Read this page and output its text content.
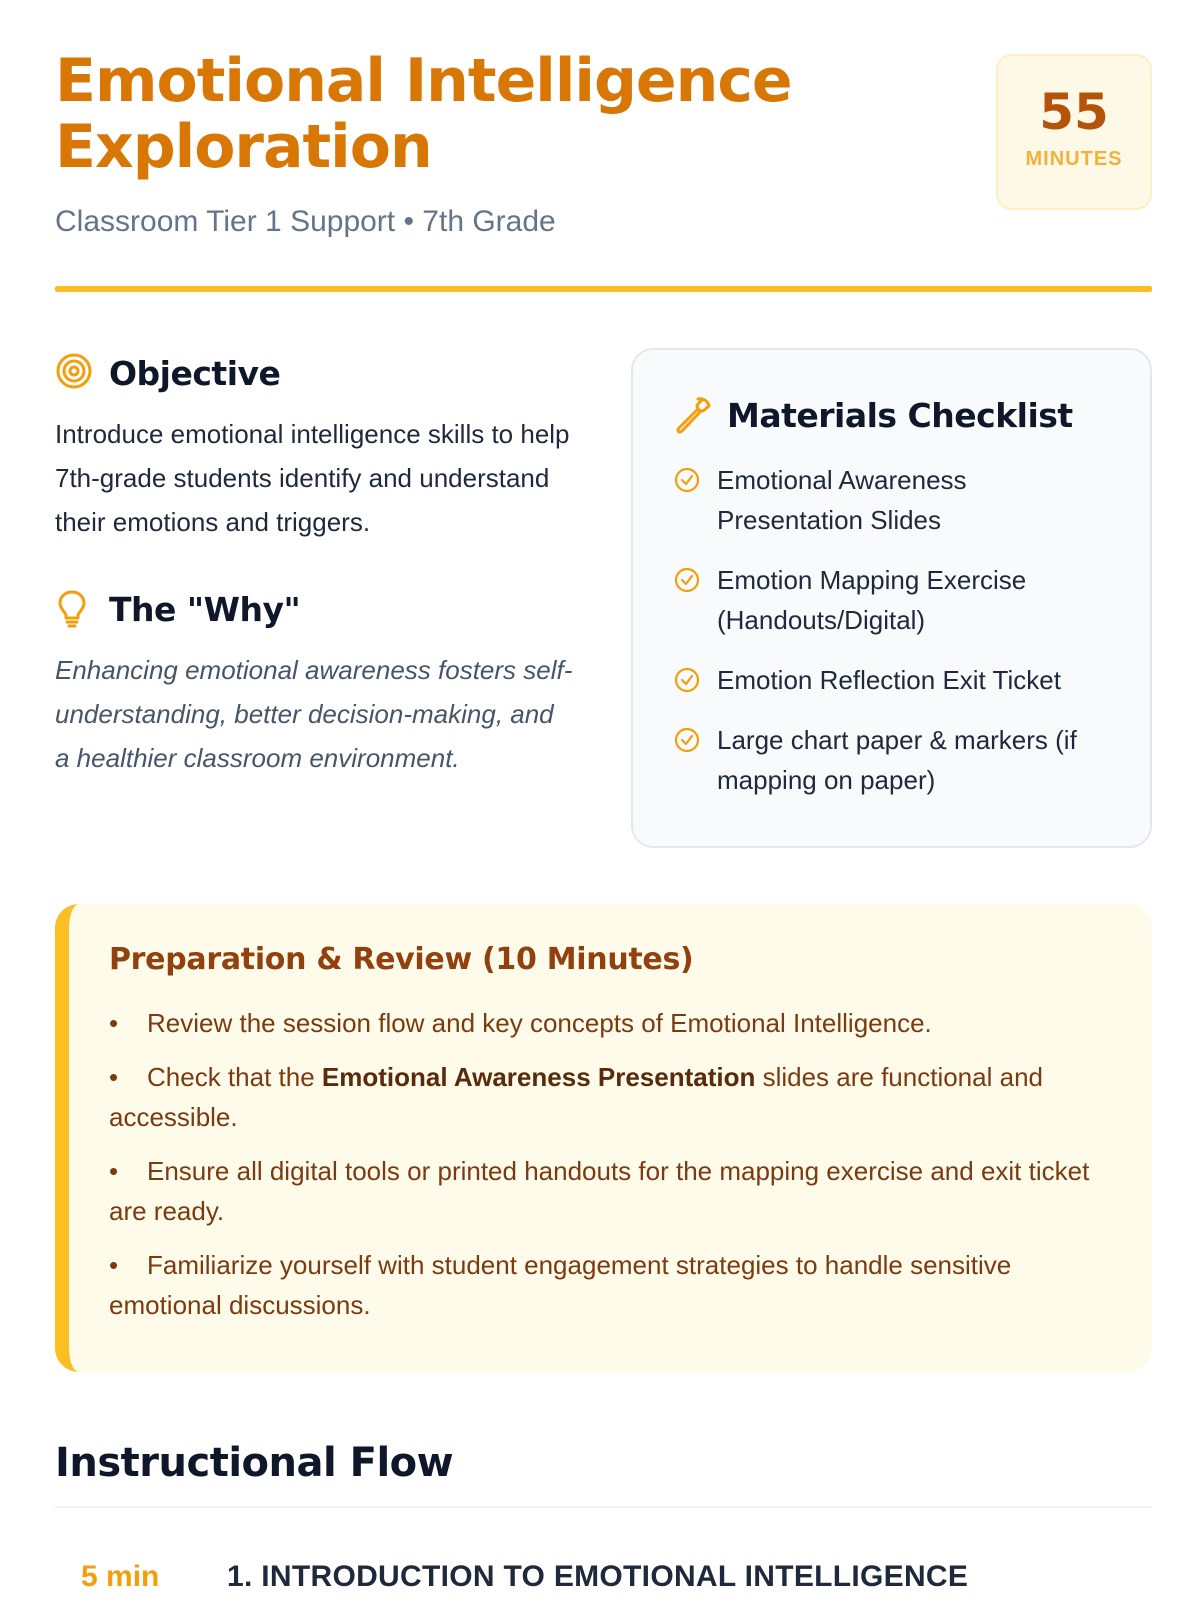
Emotional Intelligence Exploration
Classroom Tier 1 Support • 7th Grade
55
MINUTES
Objective

Introduce emotional intelligence skills to help 7th-grade students identify and understand their emotions and triggers.

The "Why"

Enhancing emotional awareness fosters self-understanding, better decision-making, and a healthier classroom environment.

Materials Checklist
Emotional Awareness Presentation Slides
Emotion Mapping Exercise (Handouts/Digital)
Emotion Reflection Exit Ticket
Large chart paper & markers (if mapping on paper)
Preparation & Review (10 Minutes)
• Review the session flow and key concepts of Emotional Intelligence.
• Check that the Emotional Awareness Presentation slides are functional and accessible.
• Ensure all digital tools or printed handouts for the mapping exercise and exit ticket are ready.
• Familiarize yourself with student engagement strategies to handle sensitive emotional discussions.
Instructional Flow
5 min 1. INTRODUCTION TO EMOTIONAL INTELLIGENCE
